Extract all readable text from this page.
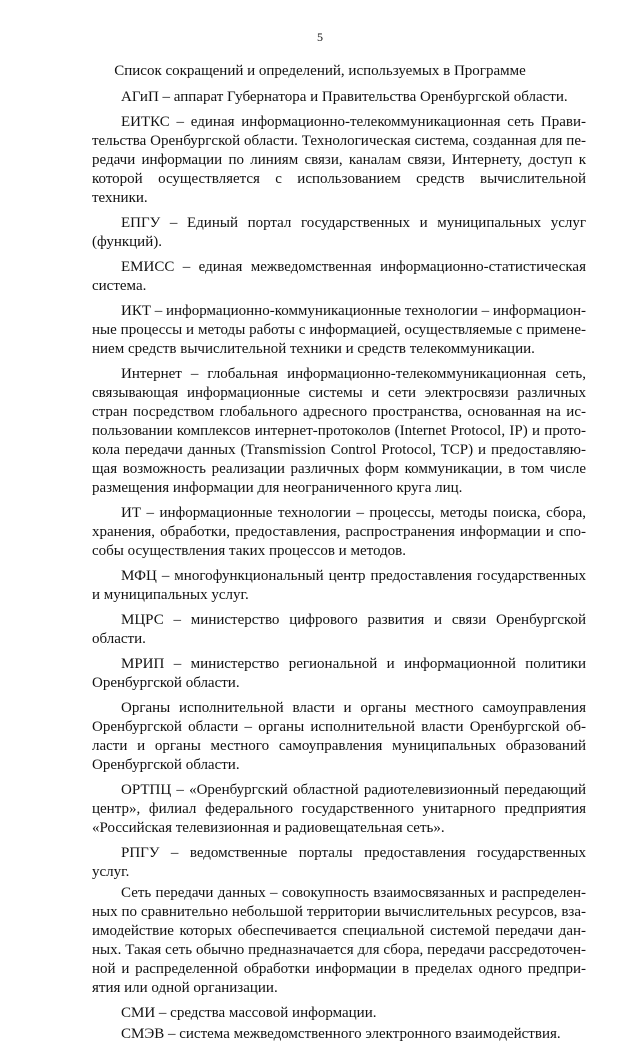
5
Список сокращений и определений, используемых в Программе

АГиП – аппарат Губернатора и Правительства Оренбургской области.

ЕИТКС – единая информационно-телекоммуникационная сеть Правительства Оренбургской области. Технологическая система, созданная для передачи информации по линиям связи, каналам связи, Интернету, доступ к которой осуществляется с использованием средств вычислительной техники.

ЕПГУ – Единый портал государственных и муниципальных услуг (функций).

ЕМИСС – единая межведомственная информационно-статистическая система.

ИКТ – информационно-коммуникационные технологии – информационные процессы и методы работы с информацией, осуществляемые с применением средств вычислительной техники и средств телекоммуникации.

Интернет – глобальная информационно-телекоммуникационная сеть, связывающая информационные системы и сети электросвязи различных стран посредством глобального адресного пространства, основанная на использовании комплексов интернет-протоколов (Internet Protocol, IP) и протокола передачи данных (Transmission Control Protocol, TCP) и предоставляющая возможность реализации различных форм коммуникации, в том числе размещения информации для неограниченного круга лиц.

ИТ – информационные технологии – процессы, методы поиска, сбора, хранения, обработки, предоставления, распространения информации и способы осуществления таких процессов и методов.

МФЦ – многофункциональный центр предоставления государственных и муниципальных услуг.

МЦРС – министерство цифрового развития и связи Оренбургской области.

МРИП – министерство региональной и информационной политики Оренбургской области.

Органы исполнительной власти и органы местного самоуправления Оренбургской области – органы исполнительной власти Оренбургской области и органы местного самоуправления муниципальных образований Оренбургской области.

ОРТПЦ – «Оренбургский областной радиотелевизионный передающий центр», филиал федерального государственного унитарного предприятия «Российская телевизионная и радиовещательная сеть».

РПГУ – ведомственные порталы предоставления государственных услуг.

Сеть передачи данных – совокупность взаимосвязанных и распределенных по сравнительно небольшой территории вычислительных ресурсов, взаимодействие которых обеспечивается специальной системой передачи данных. Такая сеть обычно предназначается для сбора, передачи рассредоточенной и распределенной обработки информации в пределах одного предприятия или одной организации.

СМИ – средства массовой информации.

СМЭВ – система межведомственного электронного взаимодействия.
